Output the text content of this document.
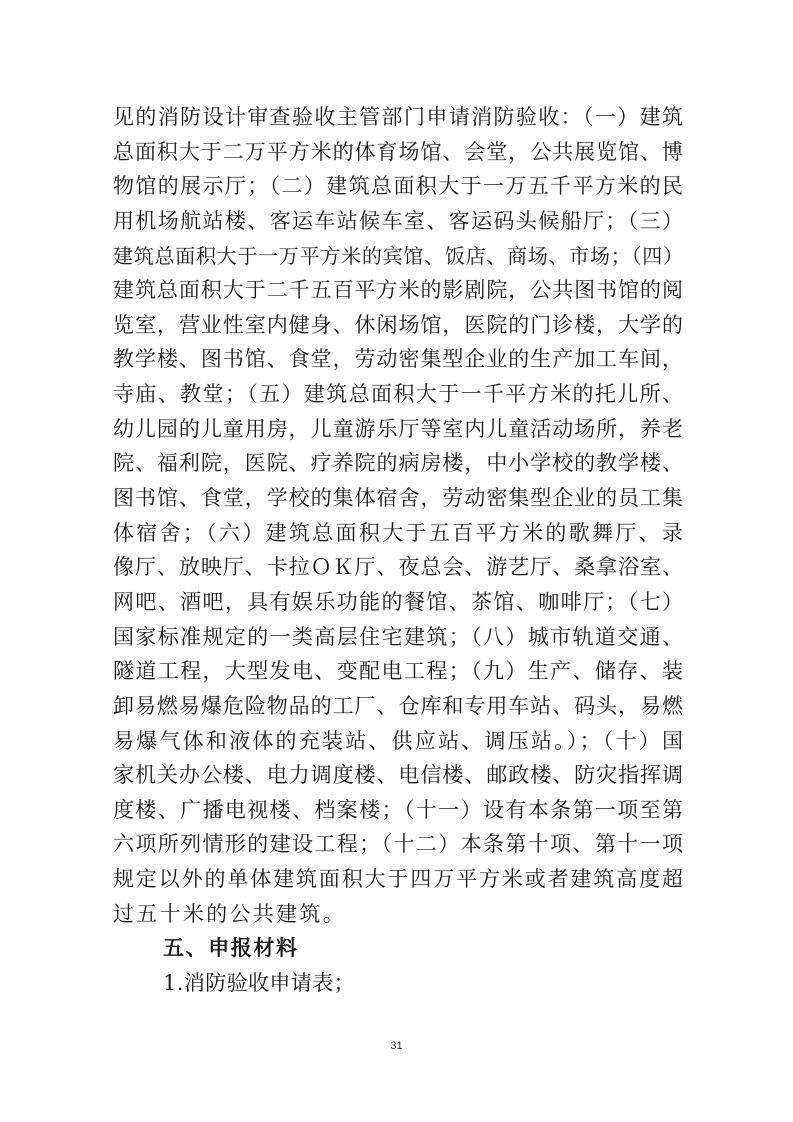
见的消防设计审查验收主管部门申请消防验收：（一）建筑
总面积大于二万平方米的体育场馆、会堂，公共展览馆、博
物馆的展示厅；（二）建筑总面积大于一万五千平方米的民
用机场航站楼、客运车站候车室、客运码头候船厅；（三）
建筑总面积大于一万平方米的宾馆、饭店、商场、市场；（四）
建筑总面积大于二千五百平方米的影剧院，公共图书馆的阅
览室，营业性室内健身、休闲场馆，医院的门诊楼，大学的
教学楼、图书馆、食堂，劳动密集型企业的生产加工车间，
寺庙、教堂；（五）建筑总面积大于一千平方米的托儿所、
幼儿园的儿童用房，儿童游乐厅等室内儿童活动场所，养老
院、福利院，医院、疗养院的病房楼，中小学校的教学楼、
图书馆、食堂，学校的集体宿舍，劳动密集型企业的员工集
体宿舍；（六）建筑总面积大于五百平方米的歌舞厅、录
像厅、放映厅、卡拉ＯＫ厅、夜总会、游艺厅、桑拿浴室、
网吧、酒吧，具有娱乐功能的餐馆、茶馆、咖啡厅；（七）
国家标准规定的一类高层住宅建筑；（八）城市轨道交通、
隧道工程，大型发电、变配电工程；（九）生产、储存、装
卸易燃易爆危险物品的工厂、仓库和专用车站、码头，易燃
易爆气体和液体的充装站、供应站、调压站。）；（十）国
家机关办公楼、电力调度楼、电信楼、邮政楼、防灾指挥调
度楼、广播电视楼、档案楼；（十一）设有本条第一项至第
六项所列情形的建设工程；（十二）本条第十项、第十一项
规定以外的单体建筑面积大于四万平方米或者建筑高度超
过五十米的公共建筑。
五、申报材料
1.消防验收申请表；
31
